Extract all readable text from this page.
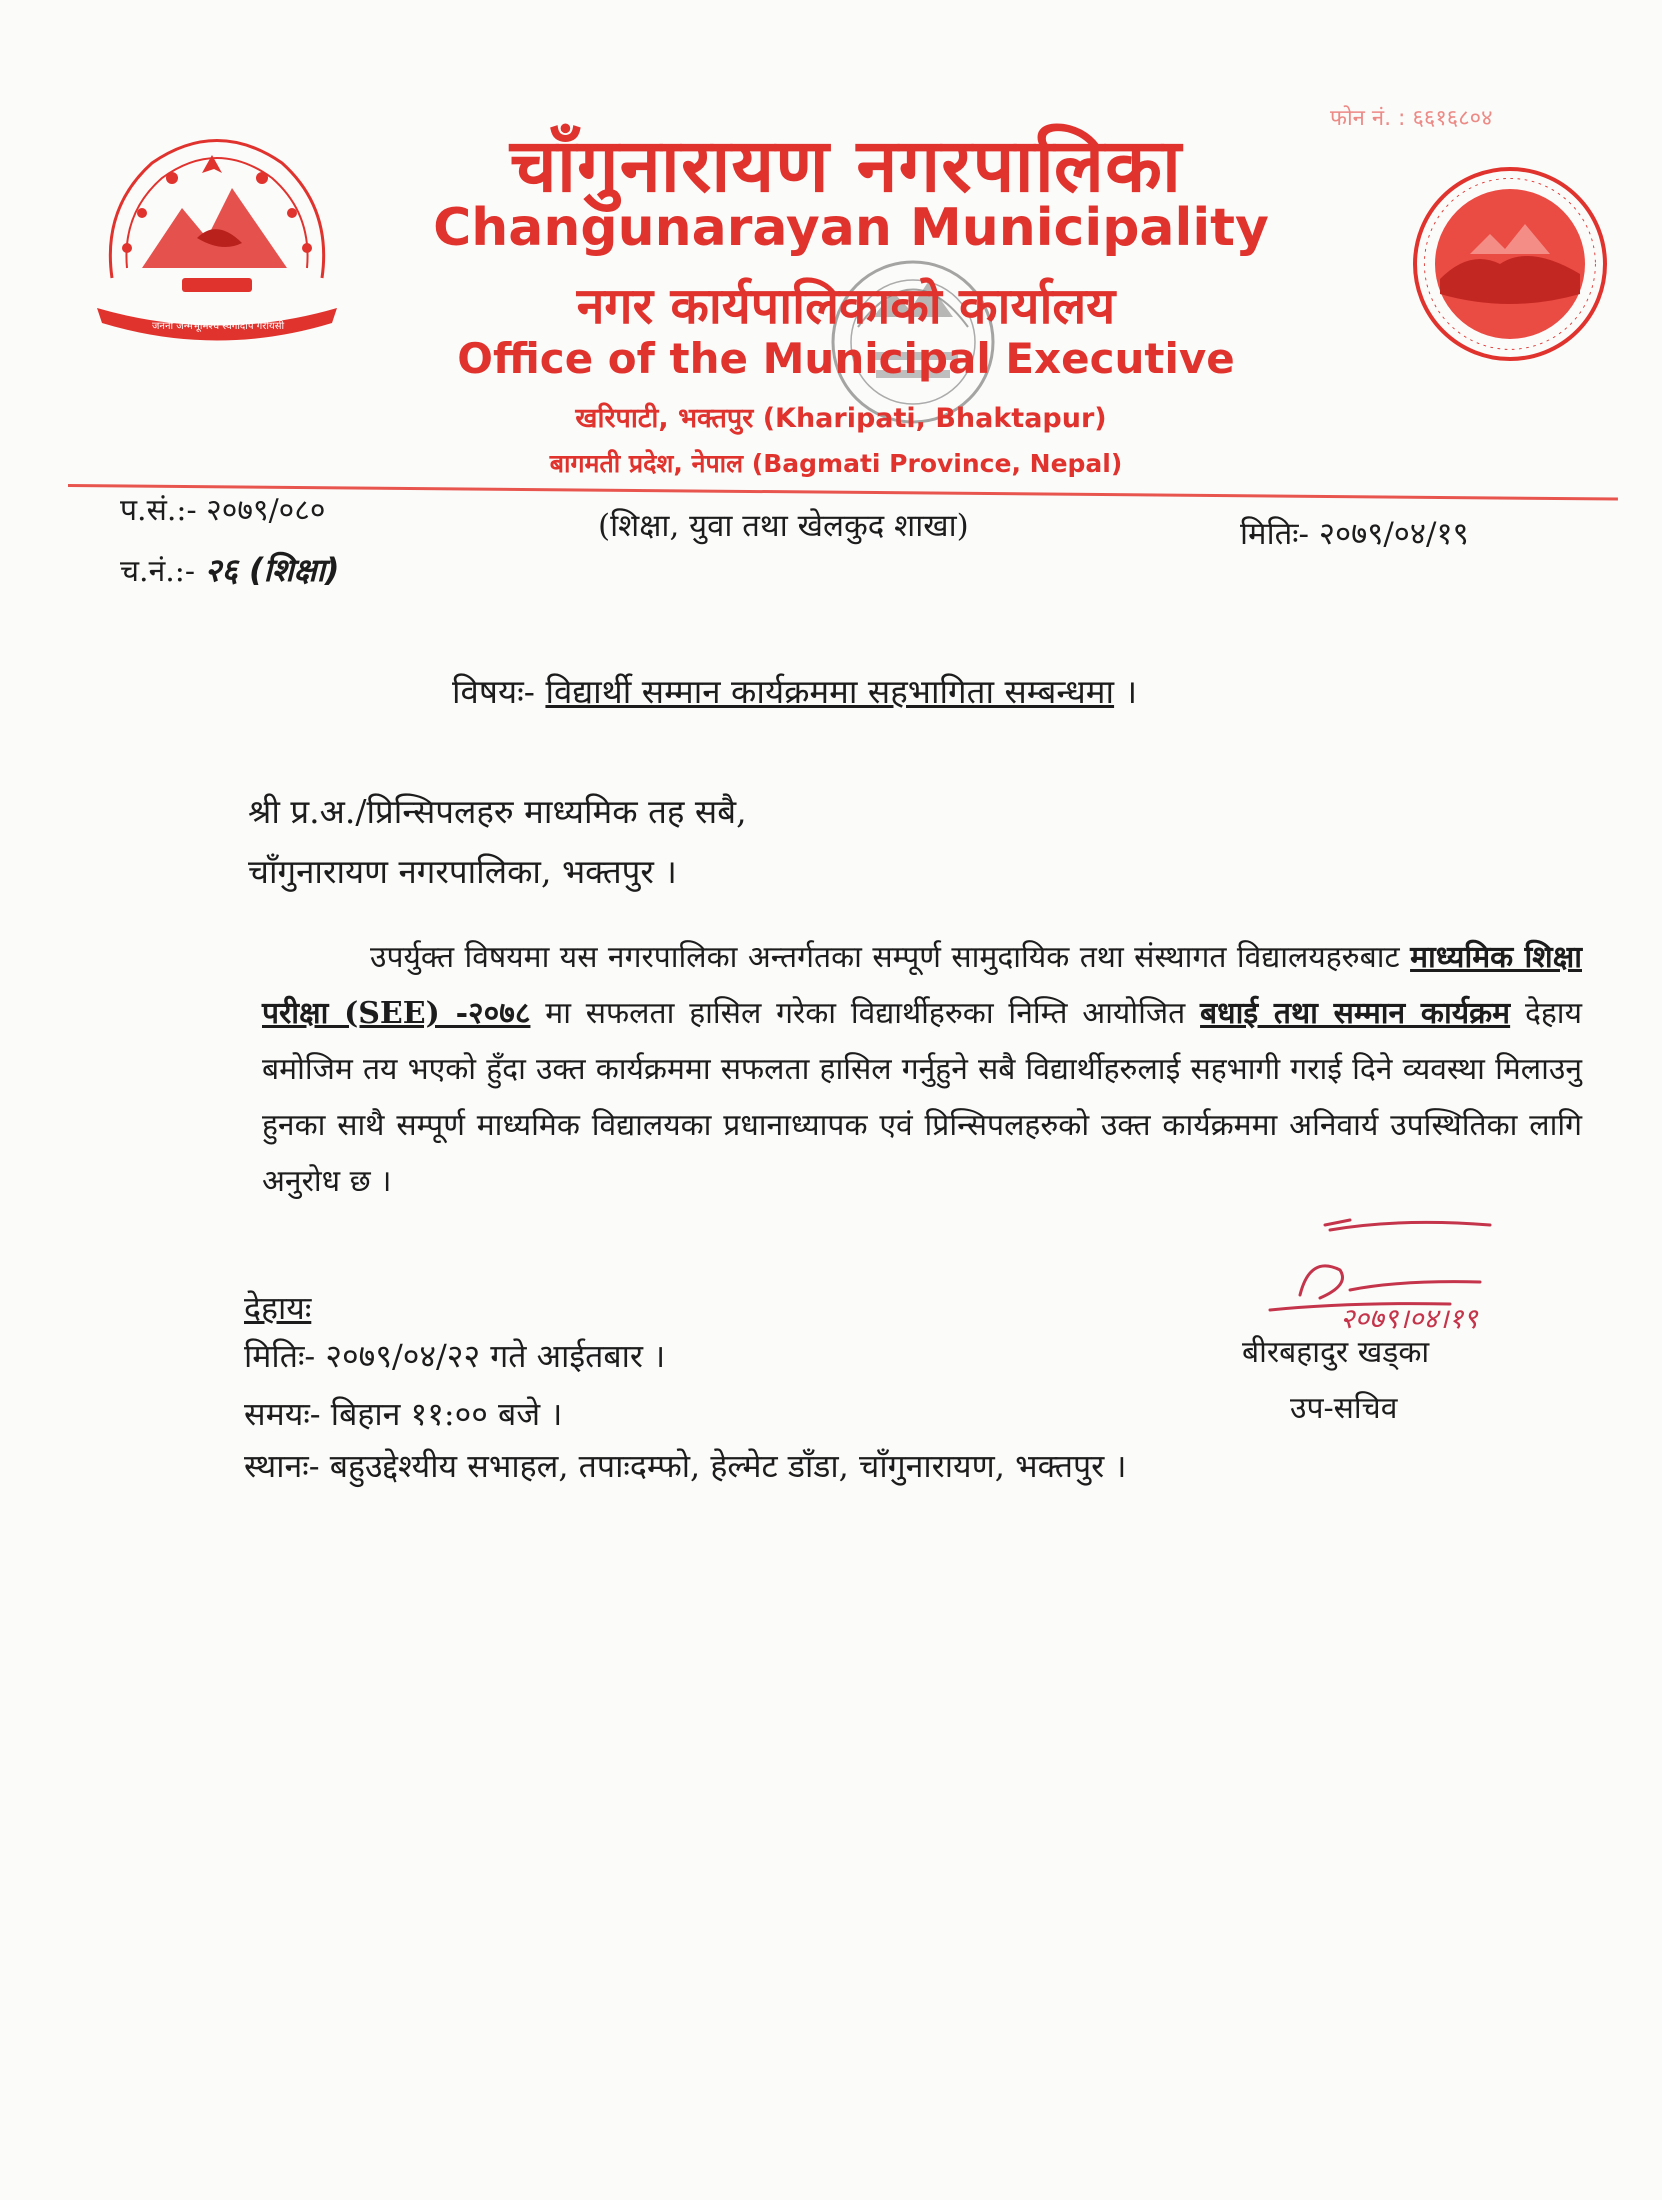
जननी जन्मभूमिश्च स्वर्गादपि गरीयसी
फोन नं. : ६६१६८०४
चाँगुनारायण नगरपालिका
Changunarayan Municipality
नगर कार्यपालिकाको कार्यालय
Office of the Municipal Executive
खरिपाटी, भक्तपुर (Kharipati, Bhaktapur)
बागमती प्रदेश, नेपाल (Bagmati Province, Nepal)
प.सं.:- २०७९/०८०
च.नं.:- २६ (शिक्षा)
(शिक्षा, युवा तथा खेलकुद शाखा)	मितिः- २०७९/०४/१९
विषयः- विद्यार्थी सम्मान कार्यक्रममा सहभागिता सम्बन्धमा ।
श्री प्र.अ./प्रिन्सिपलहरु माध्यमिक तह सबै,
चाँगुनारायण नगरपालिका, भक्तपुर ।
उपर्युक्त विषयमा यस नगरपालिका अन्तर्गतका सम्पूर्ण सामुदायिक तथा संस्थागत विद्यालयहरुबाट माध्यमिक शिक्षा परीक्षा (SEE) -२०७८ मा सफलता हासिल गरेका विद्यार्थीहरुका निम्ति आयोजित बधाई तथा सम्मान कार्यक्रम देहाय बमोजिम तय भएको हुँदा उक्त कार्यक्रममा सफलता हासिल गर्नुहुने सबै विद्यार्थीहरुलाई सहभागी गराई दिने व्यवस्था मिलाउनु हुनका साथै सम्पूर्ण माध्यमिक विद्यालयका प्रधानाध्यापक एवं प्रिन्सिपलहरुको उक्त कार्यक्रममा अनिवार्य उपस्थितिका लागि अनुरोध छ ।
देहायः
मितिः- २०७९/०४/२२ गते आईतबार ।
समयः- बिहान ११:०० बजे ।
स्थानः- बहुउद्देश्यीय सभाहल, तपाःदम्फो, हेल्मेट डाँडा, चाँगुनारायण, भक्तपुर ।
२०७९।०४।१९
बीरबहादुर खड्का
उप-सचिव
